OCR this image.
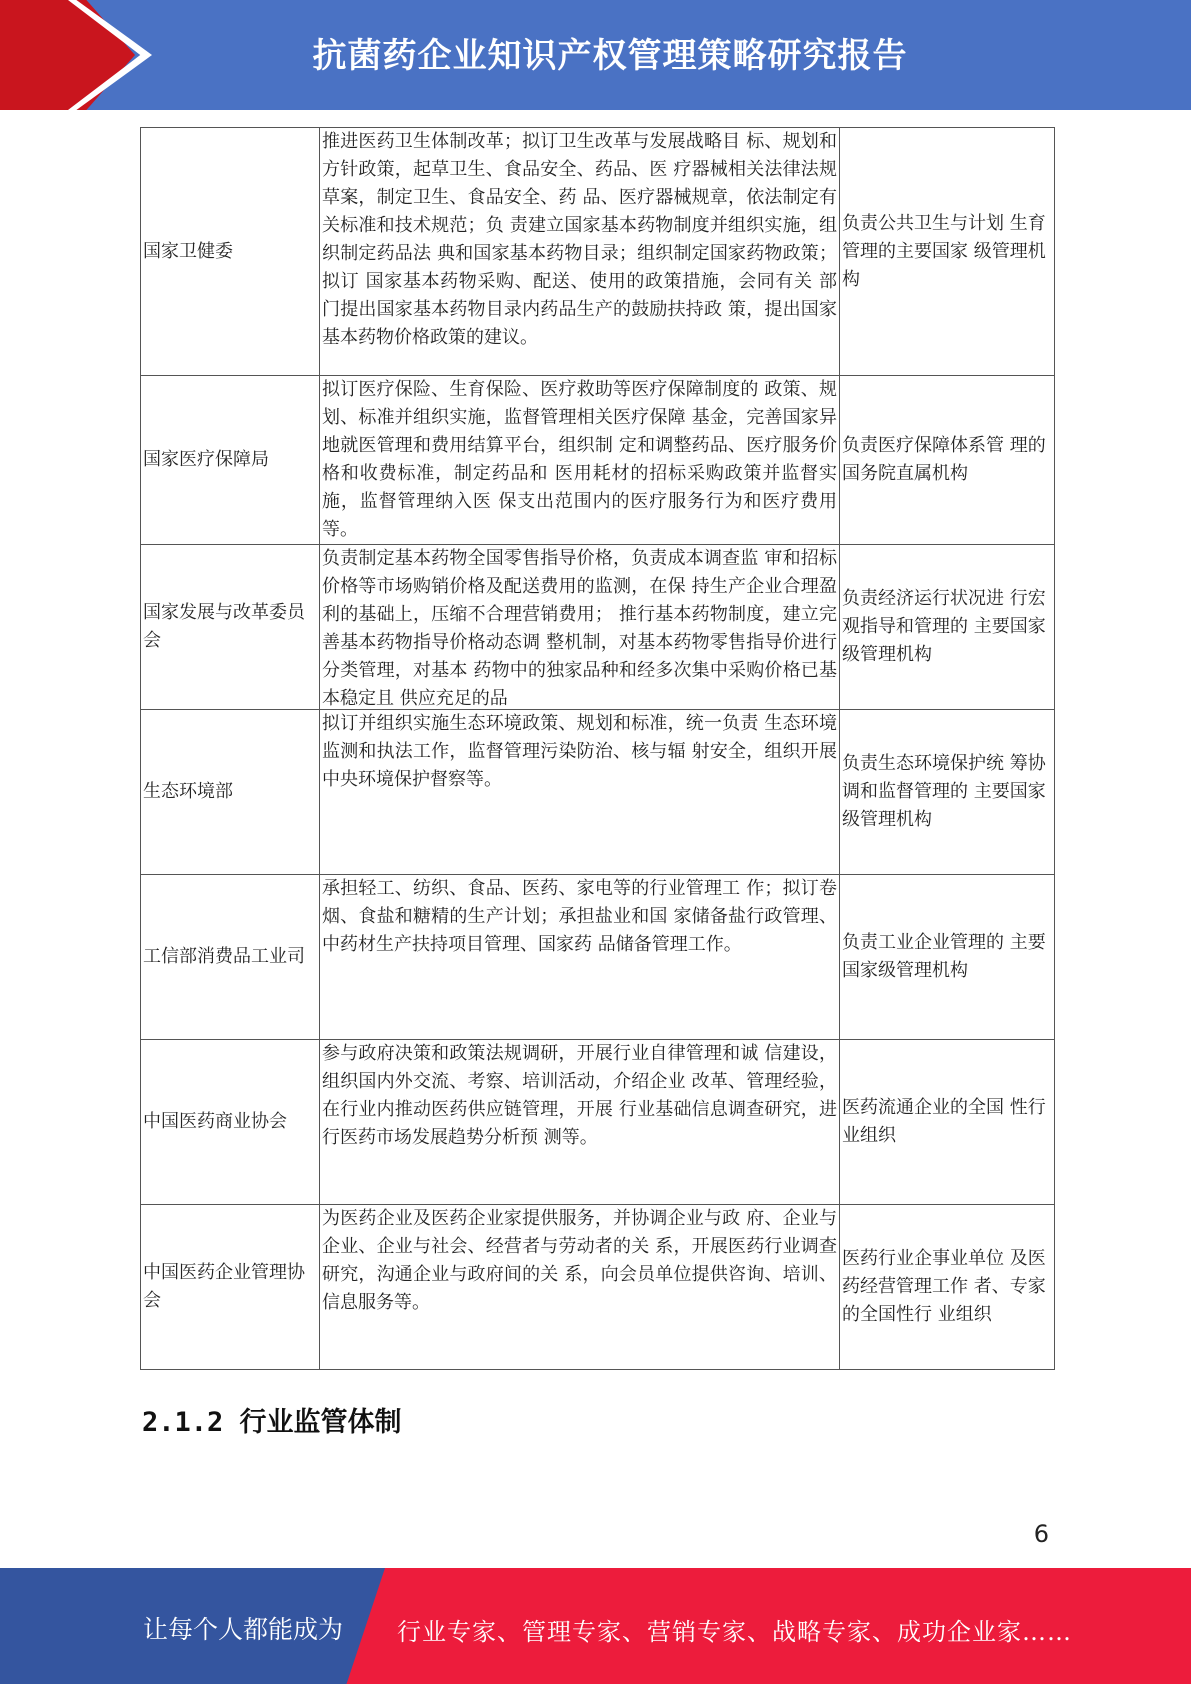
抗菌药企业知识产权管理策略研究报告
国家卫健委	推进医药卫生体制改革；拟订卫生改革与发展战略目 标、规划和方针政策，起草卫生、食品安全、药品、医 疗器械相关法律法规草案，制定卫生、食品安全、药 品、医疗器械规章，依法制定有关标准和技术规范；负 责建立国家基本药物制度并组织实施，组织制定药品法 典和国家基本药物目录；组织制定国家药物政策；拟订 国家基本药物采购、配送、使用的政策措施，会同有关 部门提出国家基本药物目录内药品生产的鼓励扶持政 策，提出国家基本药物价格政策的建议。	负责公共卫生与计划 生育管理的主要国家 级管理机构
国家医疗保障局	拟订医疗保险、生育保险、医疗救助等医疗保障制度的 政策、规划、标准并组织实施，监督管理相关医疗保障 基金，完善国家异地就医管理和费用结算平台，组织制 定和调整药品、医疗服务价格和收费标准，制定药品和 医用耗材的招标采购政策并监督实施，监督管理纳入医 保支出范围内的医疗服务行为和医疗费用等。	负责医疗保障体系管 理的国务院直属机构
国家发展与改革委员会	负责制定基本药物全国零售指导价格，负责成本调查监 审和招标价格等市场购销价格及配送费用的监测，在保 持生产企业合理盈利的基础上，压缩不合理营销费用； 推行基本药物制度，建立完善基本药物指导价格动态调 整机制，对基本药物零售指导价进行分类管理，对基本 药物中的独家品种和经多次集中采购价格已基本稳定且 供应充足的品	负责经济运行状况进 行宏观指导和管理的 主要国家级管理机构
生态环境部	拟订并组织实施生态环境政策、规划和标准，统一负责 生态环境监测和执法工作，监督管理污染防治、核与辐 射安全，组织开展中央环境保护督察等。	负责生态环境保护统 筹协调和监督管理的 主要国家级管理机构
工信部消费品工业司	承担轻工、纺织、食品、医药、家电等的行业管理工 作；拟订卷烟、食盐和糖精的生产计划；承担盐业和国 家储备盐行政管理、中药材生产扶持项目管理、国家药 品储备管理工作。	负责工业企业管理的 主要国家级管理机构
中国医药商业协会	参与政府决策和政策法规调研，开展行业自律管理和诚 信建设，组织国内外交流、考察、培训活动，介绍企业 改革、管理经验，在行业内推动医药供应链管理，开展 行业基础信息调查研究，进行医药市场发展趋势分析预 测等。	医药流通企业的全国 性行业组织
中国医药企业管理协会	为医药企业及医药企业家提供服务，并协调企业与政 府、企业与企业、企业与社会、经营者与劳动者的关 系，开展医药行业调查研究，沟通企业与政府间的关 系，向会员单位提供咨询、培训、信息服务等。	医药行业企事业单位 及医药经营管理工作 者、专家的全国性行 业组织
2.1.2 行业监管体制
6
让每个人都能成为 行业专家、管理专家、营销专家、战略专家、成功企业家……
